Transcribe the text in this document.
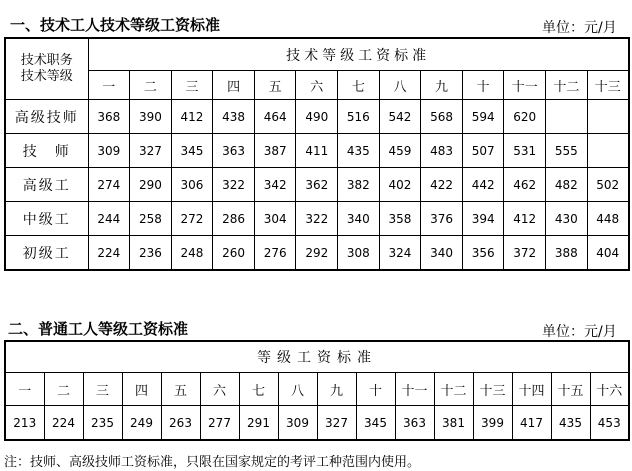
一、技术工人技术等级工资标准	单位：元/月
技术职务
技术等级	技术等级工资标准												
	一	二	三	四	五	六	七	八	九	十	十一	十二	十三
高级技师	368	390	412	438	464	490	516	542	568	594	620		
技　师	309	327	345	363	387	411	435	459	483	507	531	555	
高级工	274	290	306	322	342	362	382	402	422	442	462	482	502
中级工	244	258	272	286	304	322	340	358	376	394	412	430	448
初级工	224	236	248	260	276	292	308	324	340	356	372	388	404
二、普通工人等级工资标准	单位：元/月
等级工资标准															
一	二	三	四	五	六	七	八	九	十	十一	十二	十三	十四	十五	十六
213	224	235	249	263	277	291	309	327	345	363	381	399	417	435	453
注：技师、高级技师工资标准，只限在国家规定的考评工种范围内使用。
